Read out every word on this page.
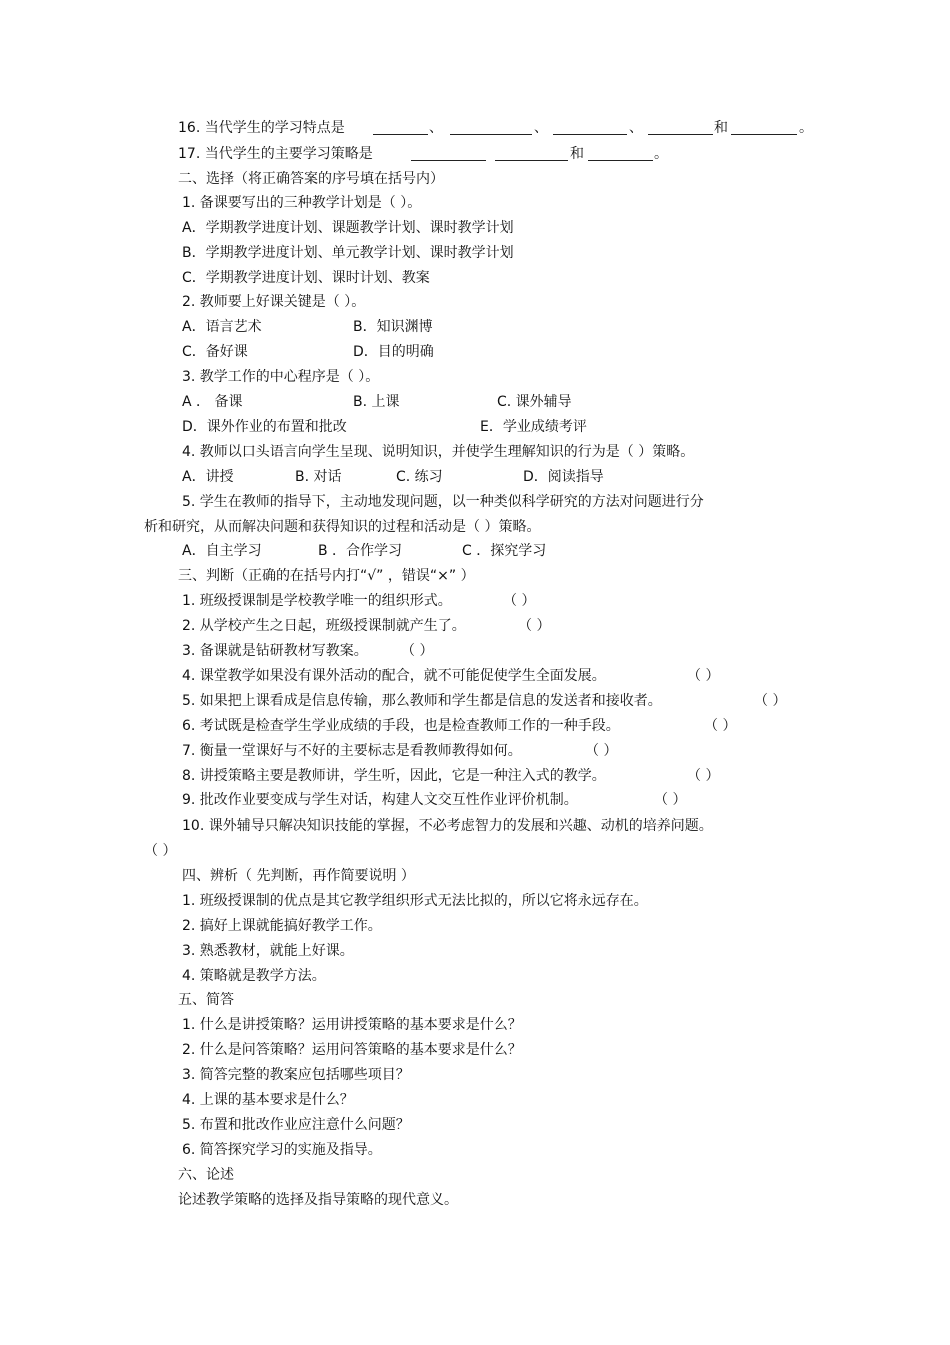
16. 当代学生的学习特点是	、	、	、	和	。
17. 当代学生的主要学习策略是	和	。
二、选择（将正确答案的序号填在括号内）
1. 备课要写出的三种教学计划是（ ）。
A．学期教学进度计划、课题教学计划、课时教学计划
B．学期教学进度计划、单元教学计划、课时教学计划
C．学期教学进度计划、课时计划、教案
2. 教师要上好课关键是（ ）。
A．语言艺术	B．知识渊博
C．备好课	D．目的明确
3. 教学工作的中心程序是（ ）。
A ． 备课	B. 上课	C. 课外辅导
D．课外作业的布置和批改	E．学业成绩考评
4. 教师以口头语言向学生呈现、说明知识，并使学生理解知识的行为是（ ）策略。
A．讲授	B. 对话	C. 练习	D．阅读指导
5. 学生在教师的指导下，主动地发现问题，以一种类似科学研究的方法对问题进行分
析和研究，从而解决问题和获得知识的过程和活动是（ ）策略。
A．自主学习	B ．合作学习	C ．探究学习
三、判断（正确的在括号内打“√” ，错误“×” ）
1. 班级授课制是学校教学唯一的组织形式。	（ ）
2. 从学校产生之日起，班级授课制就产生了。	（ ）
3. 备课就是钻研教材写教案。 （ ）
4. 课堂教学如果没有课外活动的配合，就不可能促使学生全面发展。	（ ）
5. 如果把上课看成是信息传输，那么教师和学生都是信息的发送者和接收者。	（ ）
6. 考试既是检查学生学业成绩的手段，也是检查教师工作的一种手段。	（ ）
7. 衡量一堂课好与不好的主要标志是看教师教得如何。	（ ）
8. 讲授策略主要是教师讲，学生听，因此，它是一种注入式的教学。	（ ）
9. 批改作业要变成与学生对话，构建人文交互性作业评价机制。	（ ）
10. 课外辅导只解决知识技能的掌握，不必考虑智力的发展和兴趣、动机的培养问题。
（ ）
四、辨析（ 先判断，再作简要说明 ）
1. 班级授课制的优点是其它教学组织形式无法比拟的，所以它将永远存在。
2. 搞好上课就能搞好教学工作。
3. 熟悉教材，就能上好课。
4. 策略就是教学方法。
五、简答
1. 什么是讲授策略？运用讲授策略的基本要求是什么？
2. 什么是问答策略？运用问答策略的基本要求是什么？
3. 简答完整的教案应包括哪些项目？
4. 上课的基本要求是什么？
5. 布置和批改作业应注意什么问题？
6. 简答探究学习的实施及指导。
六、论述
论述教学策略的选择及指导策略的现代意义。
